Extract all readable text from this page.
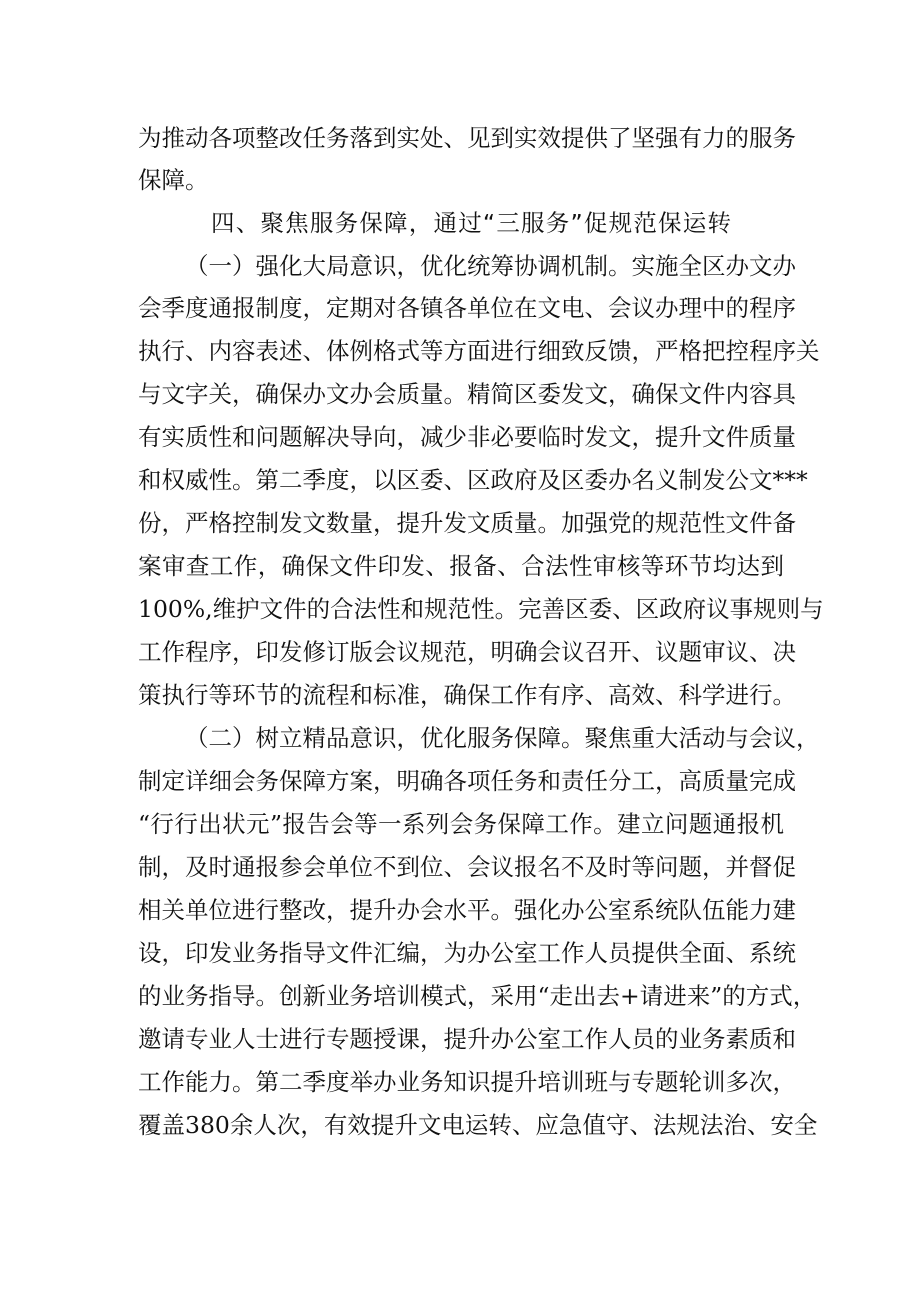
为推动各项整改任务落到实处、见到实效提供了坚强有力的服务
保障。
四、聚焦服务保障，通过“三服务”促规范保运转
（一）强化大局意识，优化统筹协调机制。实施全区办文办
会季度通报制度，定期对各镇各单位在文电、会议办理中的程序
执行、内容表述、体例格式等方面进行细致反馈，严格把控程序关
与文字关，确保办文办会质量。精简区委发文，确保文件内容具
有实质性和问题解决导向，减少非必要临时发文，提升文件质量
和权威性。第二季度，以区委、区政府及区委办名义制发公文***
份，严格控制发文数量，提升发文质量。加强党的规范性文件备
案审查工作，确保文件印发、报备、合法性审核等环节均达到
100%,维护文件的合法性和规范性。完善区委、区政府议事规则与
工作程序，印发修订版会议规范，明确会议召开、议题审议、决
策执行等环节的流程和标准，确保工作有序、高效、科学进行。
（二）树立精品意识，优化服务保障。聚焦重大活动与会议，
制定详细会务保障方案，明确各项任务和责任分工，高质量完成
“行行出状元”报告会等一系列会务保障工作。建立问题通报机
制，及时通报参会单位不到位、会议报名不及时等问题，并督促
相关单位进行整改，提升办会水平。强化办公室系统队伍能力建
设，印发业务指导文件汇编，为办公室工作人员提供全面、系统
的业务指导。创新业务培训模式，采用“走出去+请进来”的方式，
邀请专业人士进行专题授课，提升办公室工作人员的业务素质和
工作能力。第二季度举办业务知识提升培训班与专题轮训多次，
覆盖380余人次，有效提升文电运转、应急值守、法规法治、安全
